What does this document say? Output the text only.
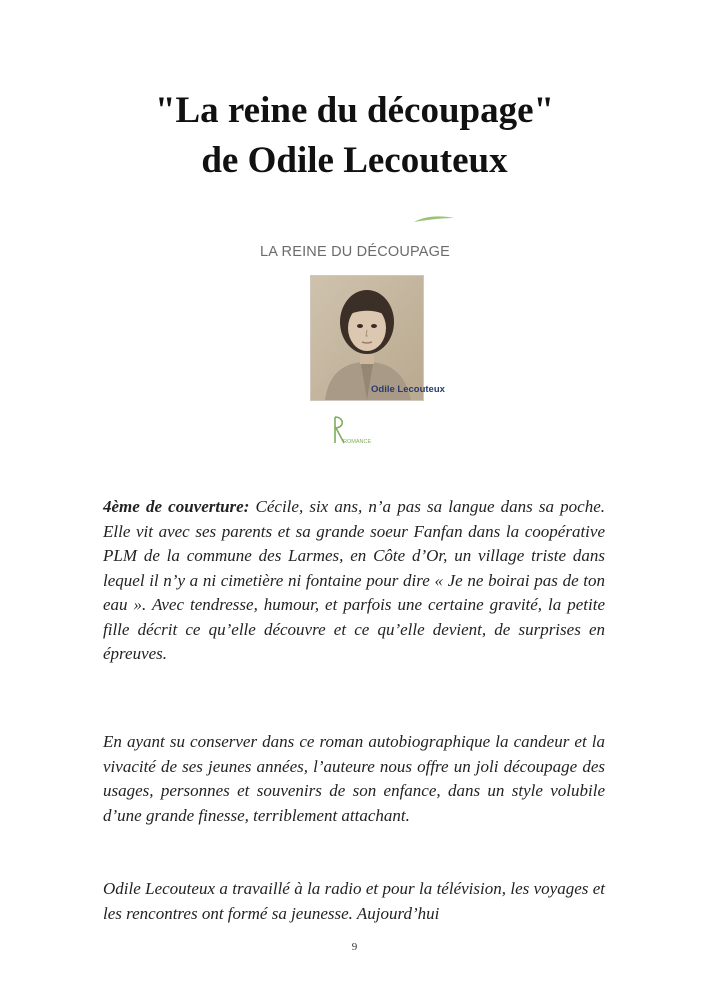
"La reine du découpage"
de Odile Lecouteux
LA REINE DU DÉCOUPAGE
Odile Lecouteux
ROMANCE

4ème de couverture: Cécile, six ans, n’a pas sa langue dans sa poche. Elle vit avec ses parents et sa grande soeur Fanfan dans la coopérative PLM de la commune des Larmes, en Côte d’Or, un village triste dans lequel il n’y a ni cimetière ni fontaine pour dire « Je ne boirai pas de ton eau ». Avec tendresse, humour, et parfois une certaine gravité, la petite fille décrit ce qu’elle découvre et ce qu’elle devient, de surprises en épreuves.

En ayant su conserver dans ce roman autobiographique la candeur et la vivacité de ses jeunes années, l’auteure nous offre un joli découpage des usages, personnes et souvenirs de son enfance, dans un style volubile d’une grande finesse, terriblement attachant.

Odile Lecouteux a travaillé à la radio et pour la télévision, les voyages et les rencontres ont formé sa jeunesse. Aujourd’hui

9
